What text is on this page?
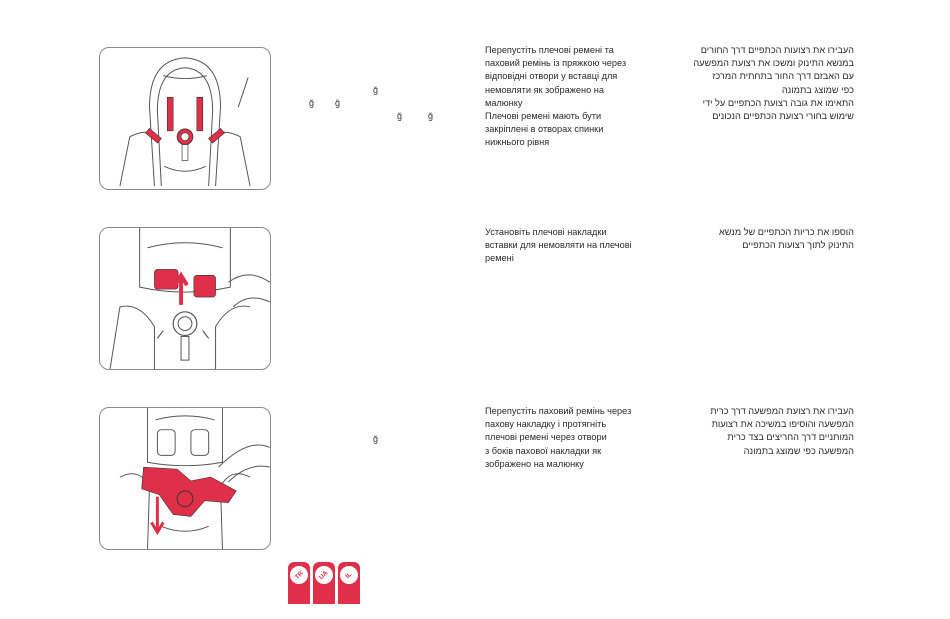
Перепустіть плечові ремені та
паховий ремінь із пряжкою через
відповідні отвори у вставці для
немовляти як зображено на
малюнку
Плечові ремені мають бути
закріплені в отворах спинки
нижнього рівня

העבירו את רצועות הכתפיים דרך החורים
במנשא התינוק ומשכו את רצועת המפשעה
עם האבזם דרך החור בתחתית המרכז
כפי שמוצג בתמונה
התאימו את גובה רצועת הכתפיים על ידי
שימוש בחורי רצועת הכתפיים הנכונים

Установіть плечові накладки
вставки для немовляти на плечові
ремені

הוספו את כריות הכתפיים של מנשא
התינוק לתוך רצועות הכתפיים

Перепустіть паховий ремінь через
пахову накладку і протягніть
плечові ремені через отвори
з боків пахової накладки як
зображено на малюнку

העבירו את רצועת המפשעה דרך כרית
המפשעה והוסיפו במשיכה את רצועות
המותניים דרך החריצים בצד כרית
המפשעה כפי שמוצג בתמונה

ğ
ğ ğ
ğ	ğ
ğ
TR UA IL
